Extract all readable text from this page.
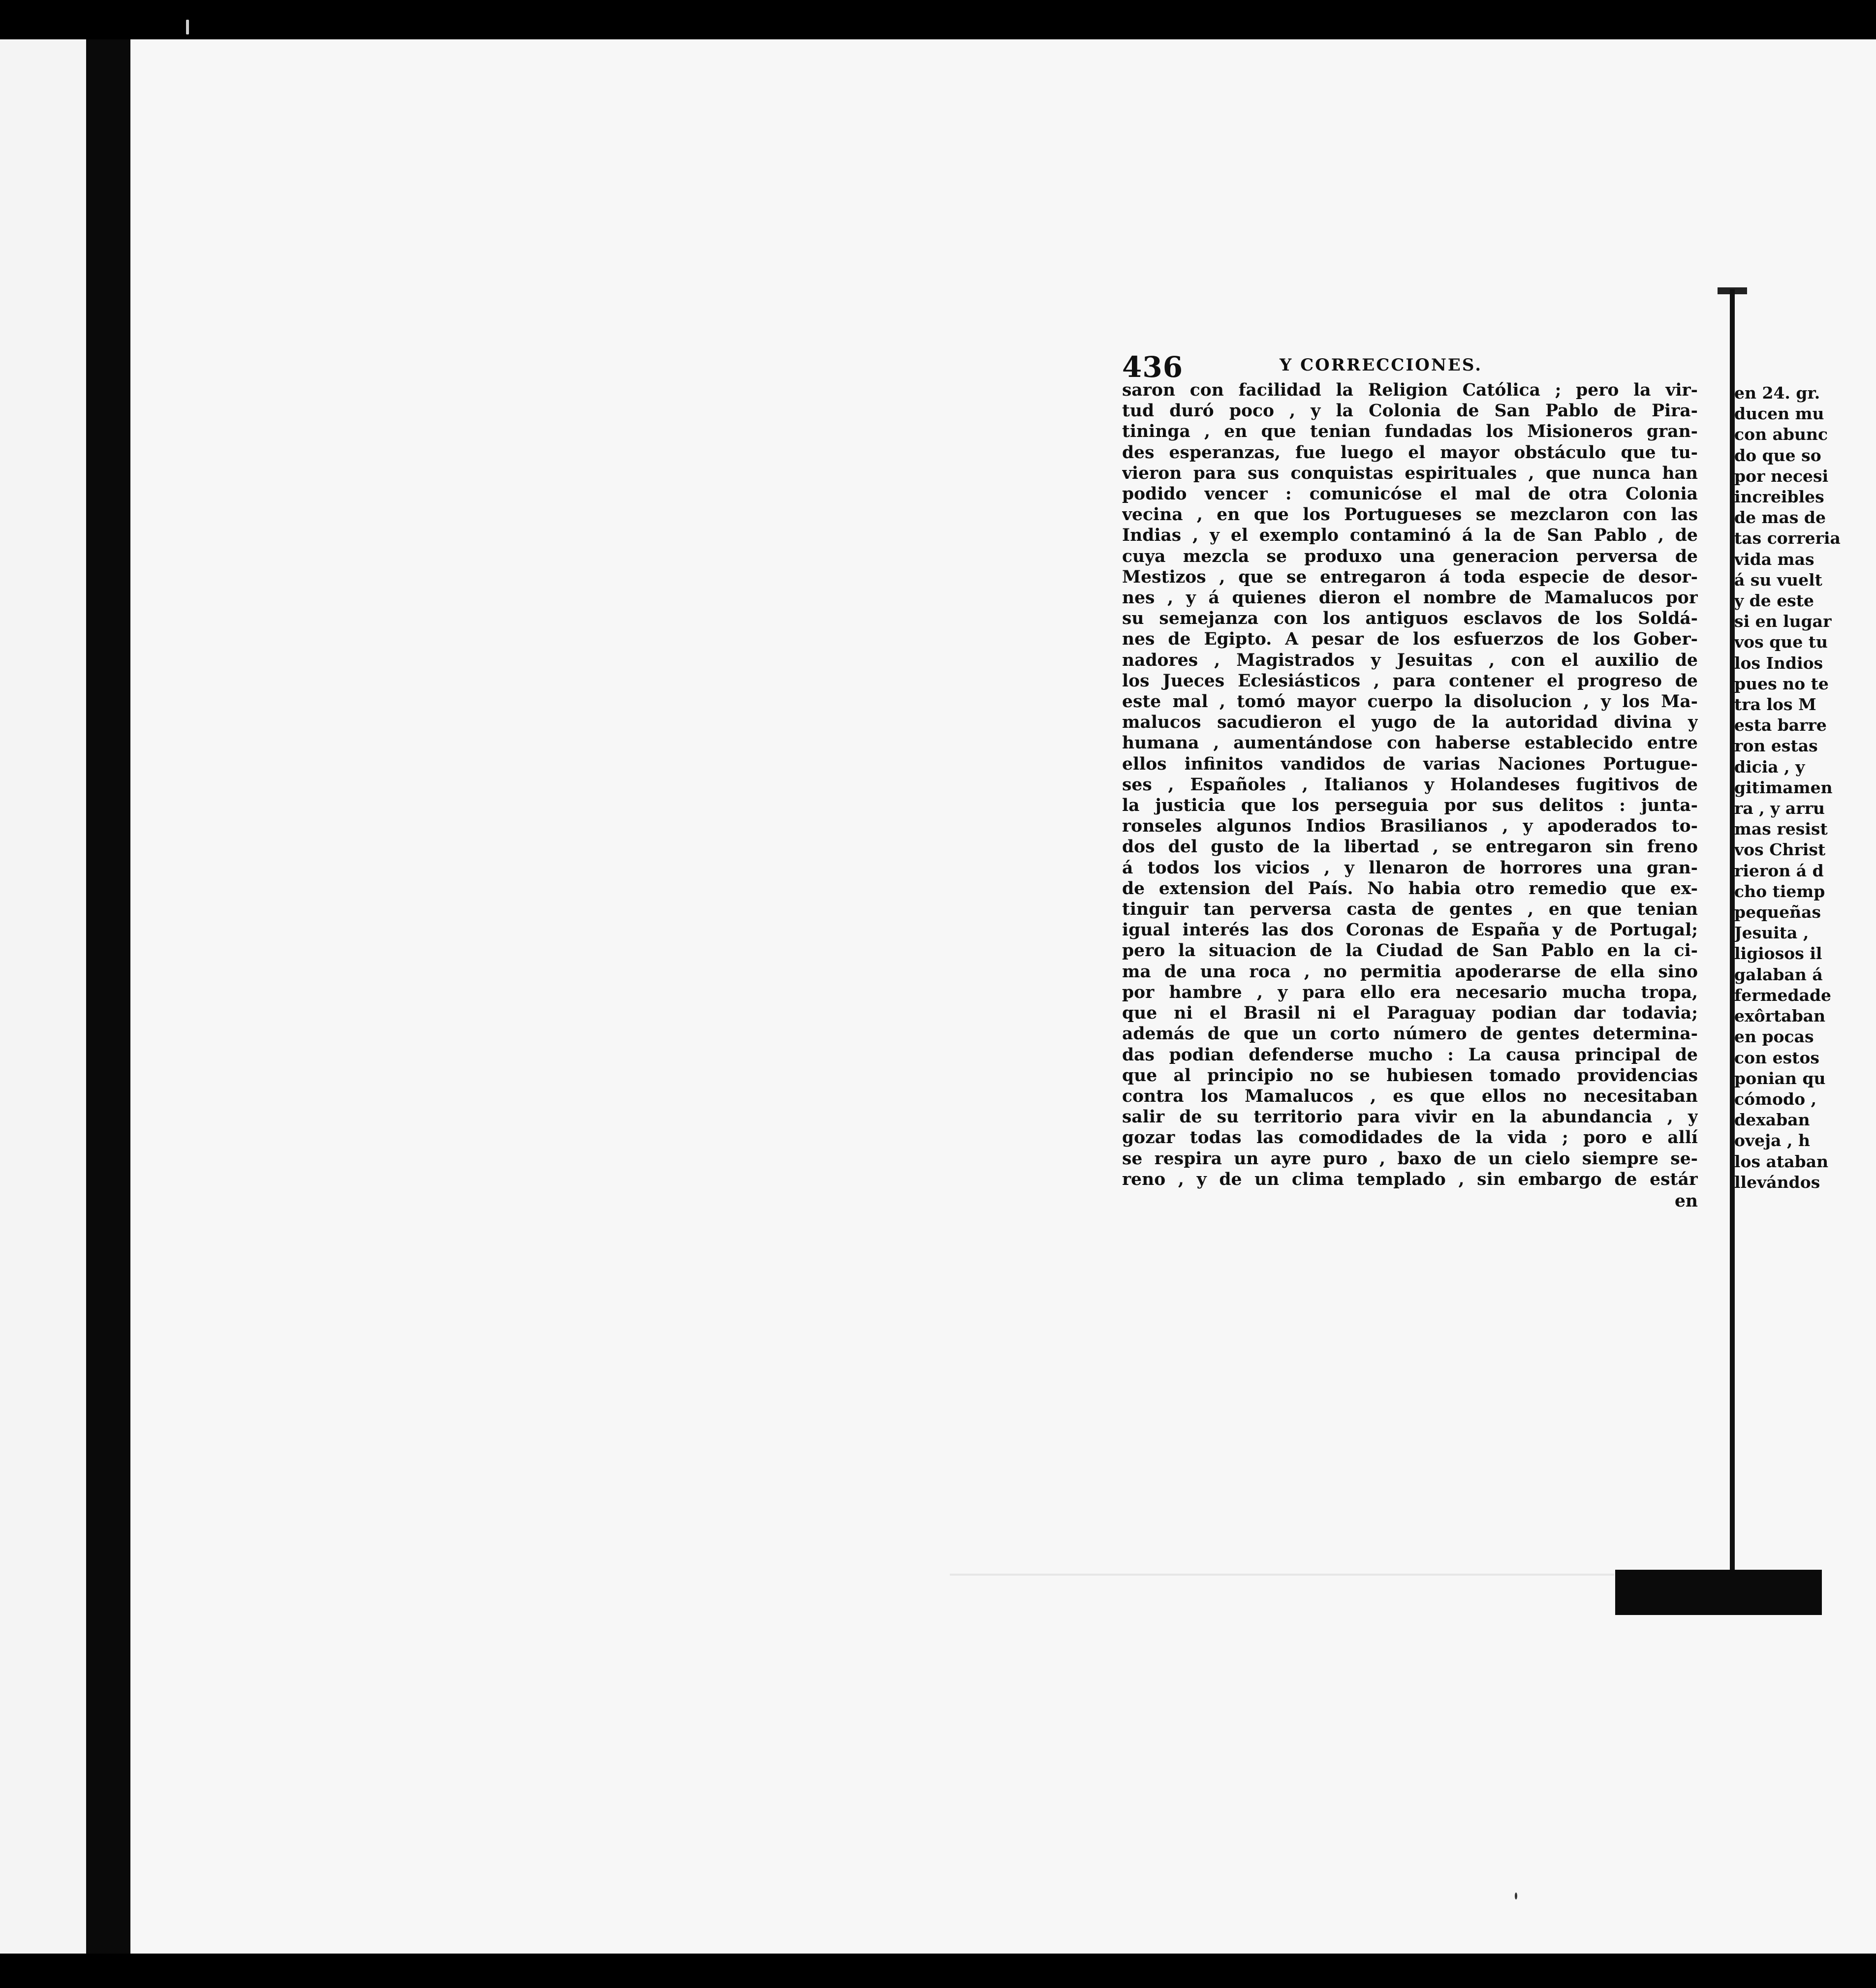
436	Y CORRECCIONES.

saron con facilidad la Religion Católica ; pero la vir-
tud duró poco , y la Colonia de San Pablo de Pira-
tininga , en que tenian fundadas los Misioneros gran-
des esperanzas, fue luego el mayor obstáculo que tu-
vieron para sus conquistas espirituales , que nunca han
podido vencer : comunicóse el mal de otra Colonia
vecina , en que los Portugueses se mezclaron con las
Indias , y el exemplo contaminó á la de San Pablo , de
cuya mezcla se produxo una generacion perversa de
Mestizos , que se entregaron á toda especie de desor-
nes , y á quienes dieron el nombre de Mamalucos por
su semejanza con los antiguos esclavos de los Soldá-
nes de Egipto. A pesar de los esfuerzos de los Gober-
nadores , Magistrados y Jesuitas , con el auxilio de
los Jueces Eclesiásticos , para contener el progreso de
este mal , tomó mayor cuerpo la disolucion , y los Ma-
malucos sacudieron el yugo de la autoridad divina y
humana , aumentándose con haberse establecido entre
ellos infinitos vandidos de varias Naciones Portugue-
ses , Españoles , Italianos y Holandeses fugitivos de
la justicia que los perseguia por sus delitos : junta-
ronseles algunos Indios Brasilianos , y apoderados to-
dos del gusto de la libertad , se entregaron sin freno
á todos los vicios , y llenaron de horrores una gran-
de extension del País. No habia otro remedio que ex-
tinguir tan perversa casta de gentes , en que tenian
igual interés las dos Coronas de España y de Portugal;
pero la situacion de la Ciudad de San Pablo en la ci-
ma de una roca , no permitia apoderarse de ella sino
por hambre , y para ello era necesario mucha tropa,
que ni el Brasil ni el Paraguay podian dar todavia;
además de que un corto número de gentes determina-
das podian defenderse mucho : La causa principal de
que al principio no se hubiesen tomado providencias
contra los Mamalucos , es que ellos no necesitaban
salir de su territorio para vivir en la abundancia , y
gozar todas las comodidades de la vida ; poro e allí
se respira un ayre puro , baxo de un cielo siempre se-
reno , y de un clima templado , sin embargo de estár

en

en 24. gr.
ducen mu
con abunc
do que so
por necesi
increibles
de mas de
tas correria
vida mas
á su vuelt
y de este
si en lugar
vos que tu
los Indios
pues no te
tra los M
esta barre
ron estas
dicia , y
gitimamen
ra , y arru
mas resist
vos Christ
rieron á d
cho tiemp
pequeñas
Jesuita ,
ligiosos il
galaban á
fermedade
exôrtaban
en pocas
con estos
ponian qu
cómodo ,
dexaban
oveja , h
los ataban
llevándos
